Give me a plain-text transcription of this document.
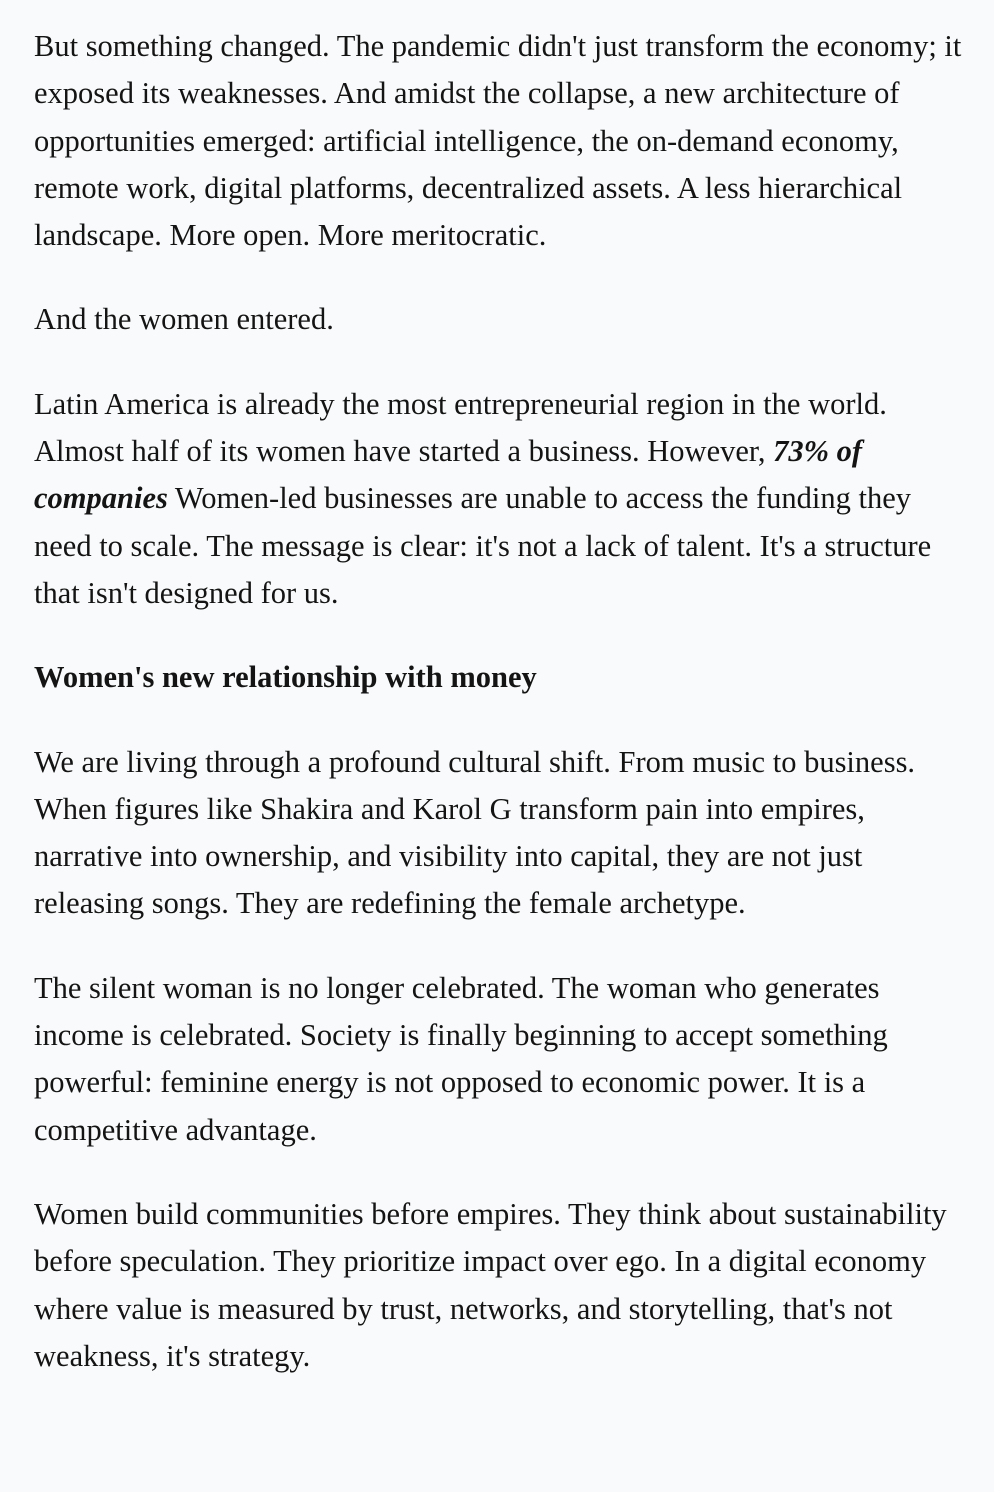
But something changed. The pandemic didn't just transform the economy; it exposed its weaknesses. And amidst the collapse, a new architecture of opportunities emerged: artificial intelligence, the on-demand economy, remote work, digital platforms, decentralized assets. A less hierarchical landscape. More open. More meritocratic.

And the women entered.

Latin America is already the most entrepreneurial region in the world. Almost half of its women have started a business. However, 73% of companies Women-led businesses are unable to access the funding they need to scale. The message is clear: it's not a lack of talent. It's a structure that isn't designed for us.

Women's new relationship with money

We are living through a profound cultural shift. From music to business. When figures like Shakira and Karol G transform pain into empires, narrative into ownership, and visibility into capital, they are not just releasing songs. They are redefining the female archetype.

The silent woman is no longer celebrated. The woman who generates income is celebrated. Society is finally beginning to accept something powerful: feminine energy is not opposed to economic power. It is a competitive advantage.

Women build communities before empires. They think about sustainability before speculation. They prioritize impact over ego. In a digital economy where value is measured by trust, networks, and storytelling, that's not weakness, it's strategy.
